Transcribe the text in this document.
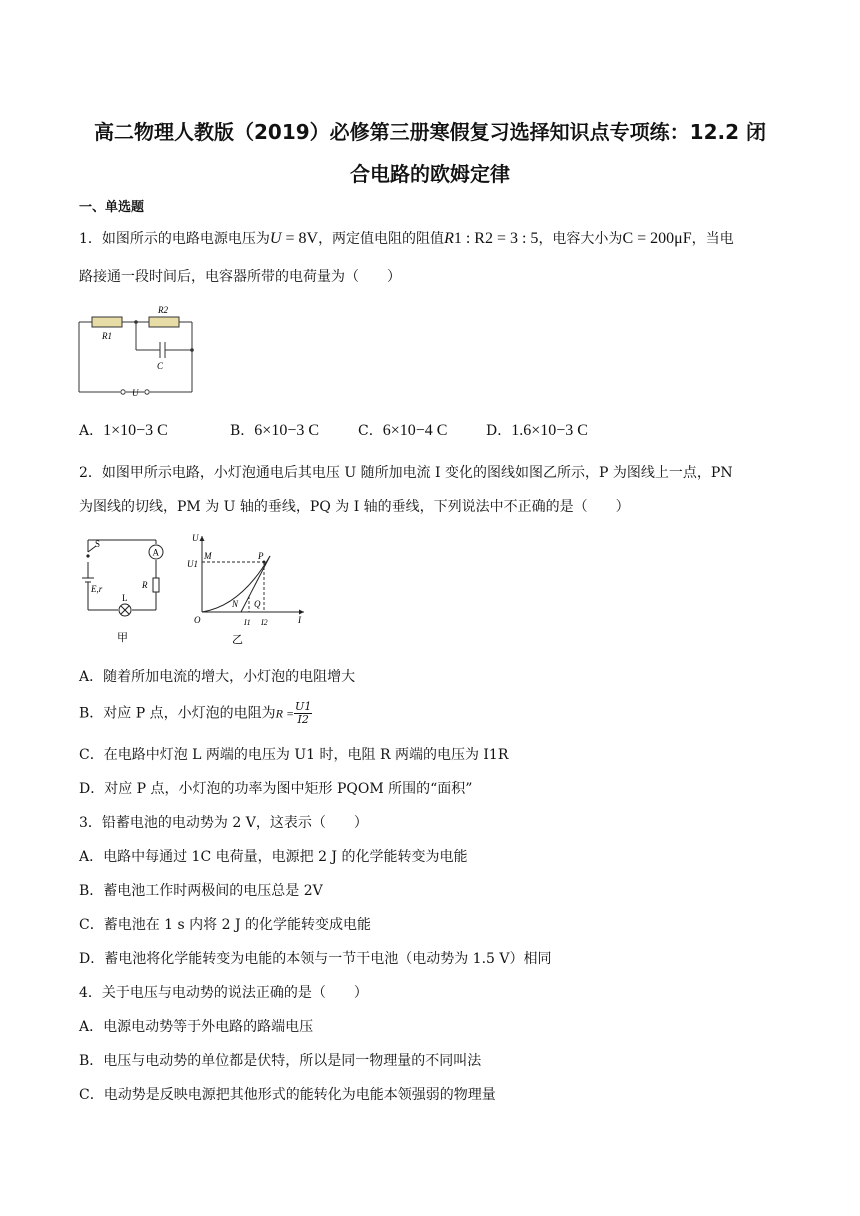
高二物理人教版（2019）必修第三册寒假复习选择知识点专项练：12.2 闭
合电路的欧姆定律
一、单选题
1．如图所示的电路电源电压为U = 8V，两定值电阻的阻值R1 : R2 = 3 : 5，电容大小为C = 200μF，当电
路接通一段时间后，电容器所带的电荷量为（　　）
R1
R2
C
U
A．1×10−3 C	B．6×10−3 C	C．6×10−4 C	D．1.6×10−3 C
2．如图甲所示电路，小灯泡通电后其电压 U 随所加电流 I 变化的图线如图乙所示，P 为图线上一点，PN
为图线的切线，PM 为 U 轴的垂线，PQ 为 I 轴的垂线，下列说法中不正确的是（　　）
A
S
E,r	R
L
甲
U
M	P
U1
N Q
O	I1 I2	I
乙
A．随着所加电流的增大，小灯泡的电阻增大
B．对应 P 点，小灯泡的电阻为$R = \frac{U1}{I2}$
C．在电路中灯泡 L 两端的电压为 U1 时，电阻 R 两端的电压为 I1R
D．对应 P 点，小灯泡的功率为图中矩形 PQOM 所围的“面积”
3．铅蓄电池的电动势为 2 V，这表示（　　）
A．电路中每通过 1C 电荷量，电源把 2 J 的化学能转变为电能
B．蓄电池工作时两极间的电压总是 2V
C．蓄电池在 1 s 内将 2 J 的化学能转变成电能
D．蓄电池将化学能转变为电能的本领与一节干电池（电动势为 1.5 V）相同
4．关于电压与电动势的说法正确的是（　　）
A．电源电动势等于外电路的路端电压
B．电压与电动势的单位都是伏特，所以是同一物理量的不同叫法
C．电动势是反映电源把其他形式的能转化为电能本领强弱的物理量
